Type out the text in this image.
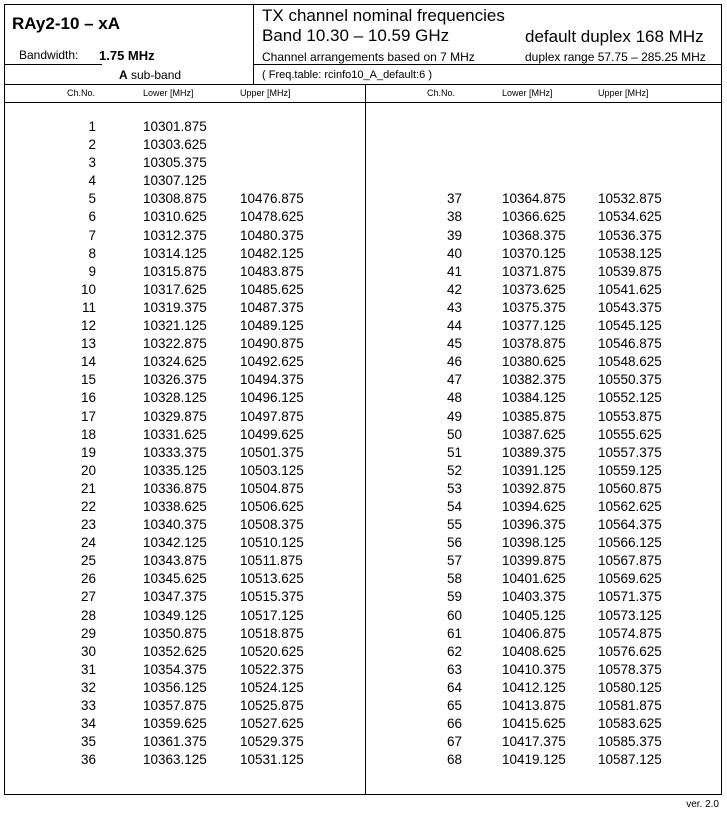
RAy2-10 – xA
Bandwidth: 1.75 MHz
A sub-band
TX channel nominal frequencies
Band 10.30 – 10.59 GHz
Channel arrangements based on 7 MHz
( Freq.table: rcinfo10_A_default:6 )
default duplex 168 MHz
duplex range 57.75 – 285.25 MHz
Ch.No.	Lower [MHz]	Upper [MHz]	Ch.No.	Lower [MHz]	Upper [MHz]
1	10301.875
2	10303.625
3	10305.375
4	10307.125
5	10308.875 10476.875
6	10310.625 10478.625
7	10312.375 10480.375
8	10314.125 10482.125
9	10315.875 10483.875
10	10317.625 10485.625
11	10319.375 10487.375
12	10321.125 10489.125
13	10322.875 10490.875
14	10324.625 10492.625
15	10326.375 10494.375
16	10328.125 10496.125
17	10329.875 10497.875
18	10331.625 10499.625
19	10333.375 10501.375
20	10335.125 10503.125
21	10336.875 10504.875
22	10338.625 10506.625
23	10340.375 10508.375
24	10342.125 10510.125
25	10343.875 10511.875
26	10345.625 10513.625
27	10347.375 10515.375
28	10349.125 10517.125
29	10350.875 10518.875
30	10352.625 10520.625
31	10354.375 10522.375
32	10356.125 10524.125
33	10357.875 10525.875
34	10359.625 10527.625
35	10361.375 10529.375
36	10363.125 10531.125
37	10364.875 10532.875
38	10366.625 10534.625
39	10368.375 10536.375
40	10370.125 10538.125
41	10371.875 10539.875
42	10373.625 10541.625
43	10375.375 10543.375
44	10377.125 10545.125
45	10378.875 10546.875
46	10380.625 10548.625
47	10382.375 10550.375
48	10384.125 10552.125
49	10385.875 10553.875
50	10387.625 10555.625
51	10389.375 10557.375
52	10391.125 10559.125
53	10392.875 10560.875
54	10394.625 10562.625
55	10396.375 10564.375
56	10398.125 10566.125
57	10399.875 10567.875
58	10401.625 10569.625
59	10403.375 10571.375
60	10405.125 10573.125
61	10406.875 10574.875
62	10408.625 10576.625
63	10410.375 10578.375
64	10412.125 10580.125
65	10413.875 10581.875
66	10415.625 10583.625
67	10417.375 10585.375
68	10419.125 10587.125
ver. 2.0
